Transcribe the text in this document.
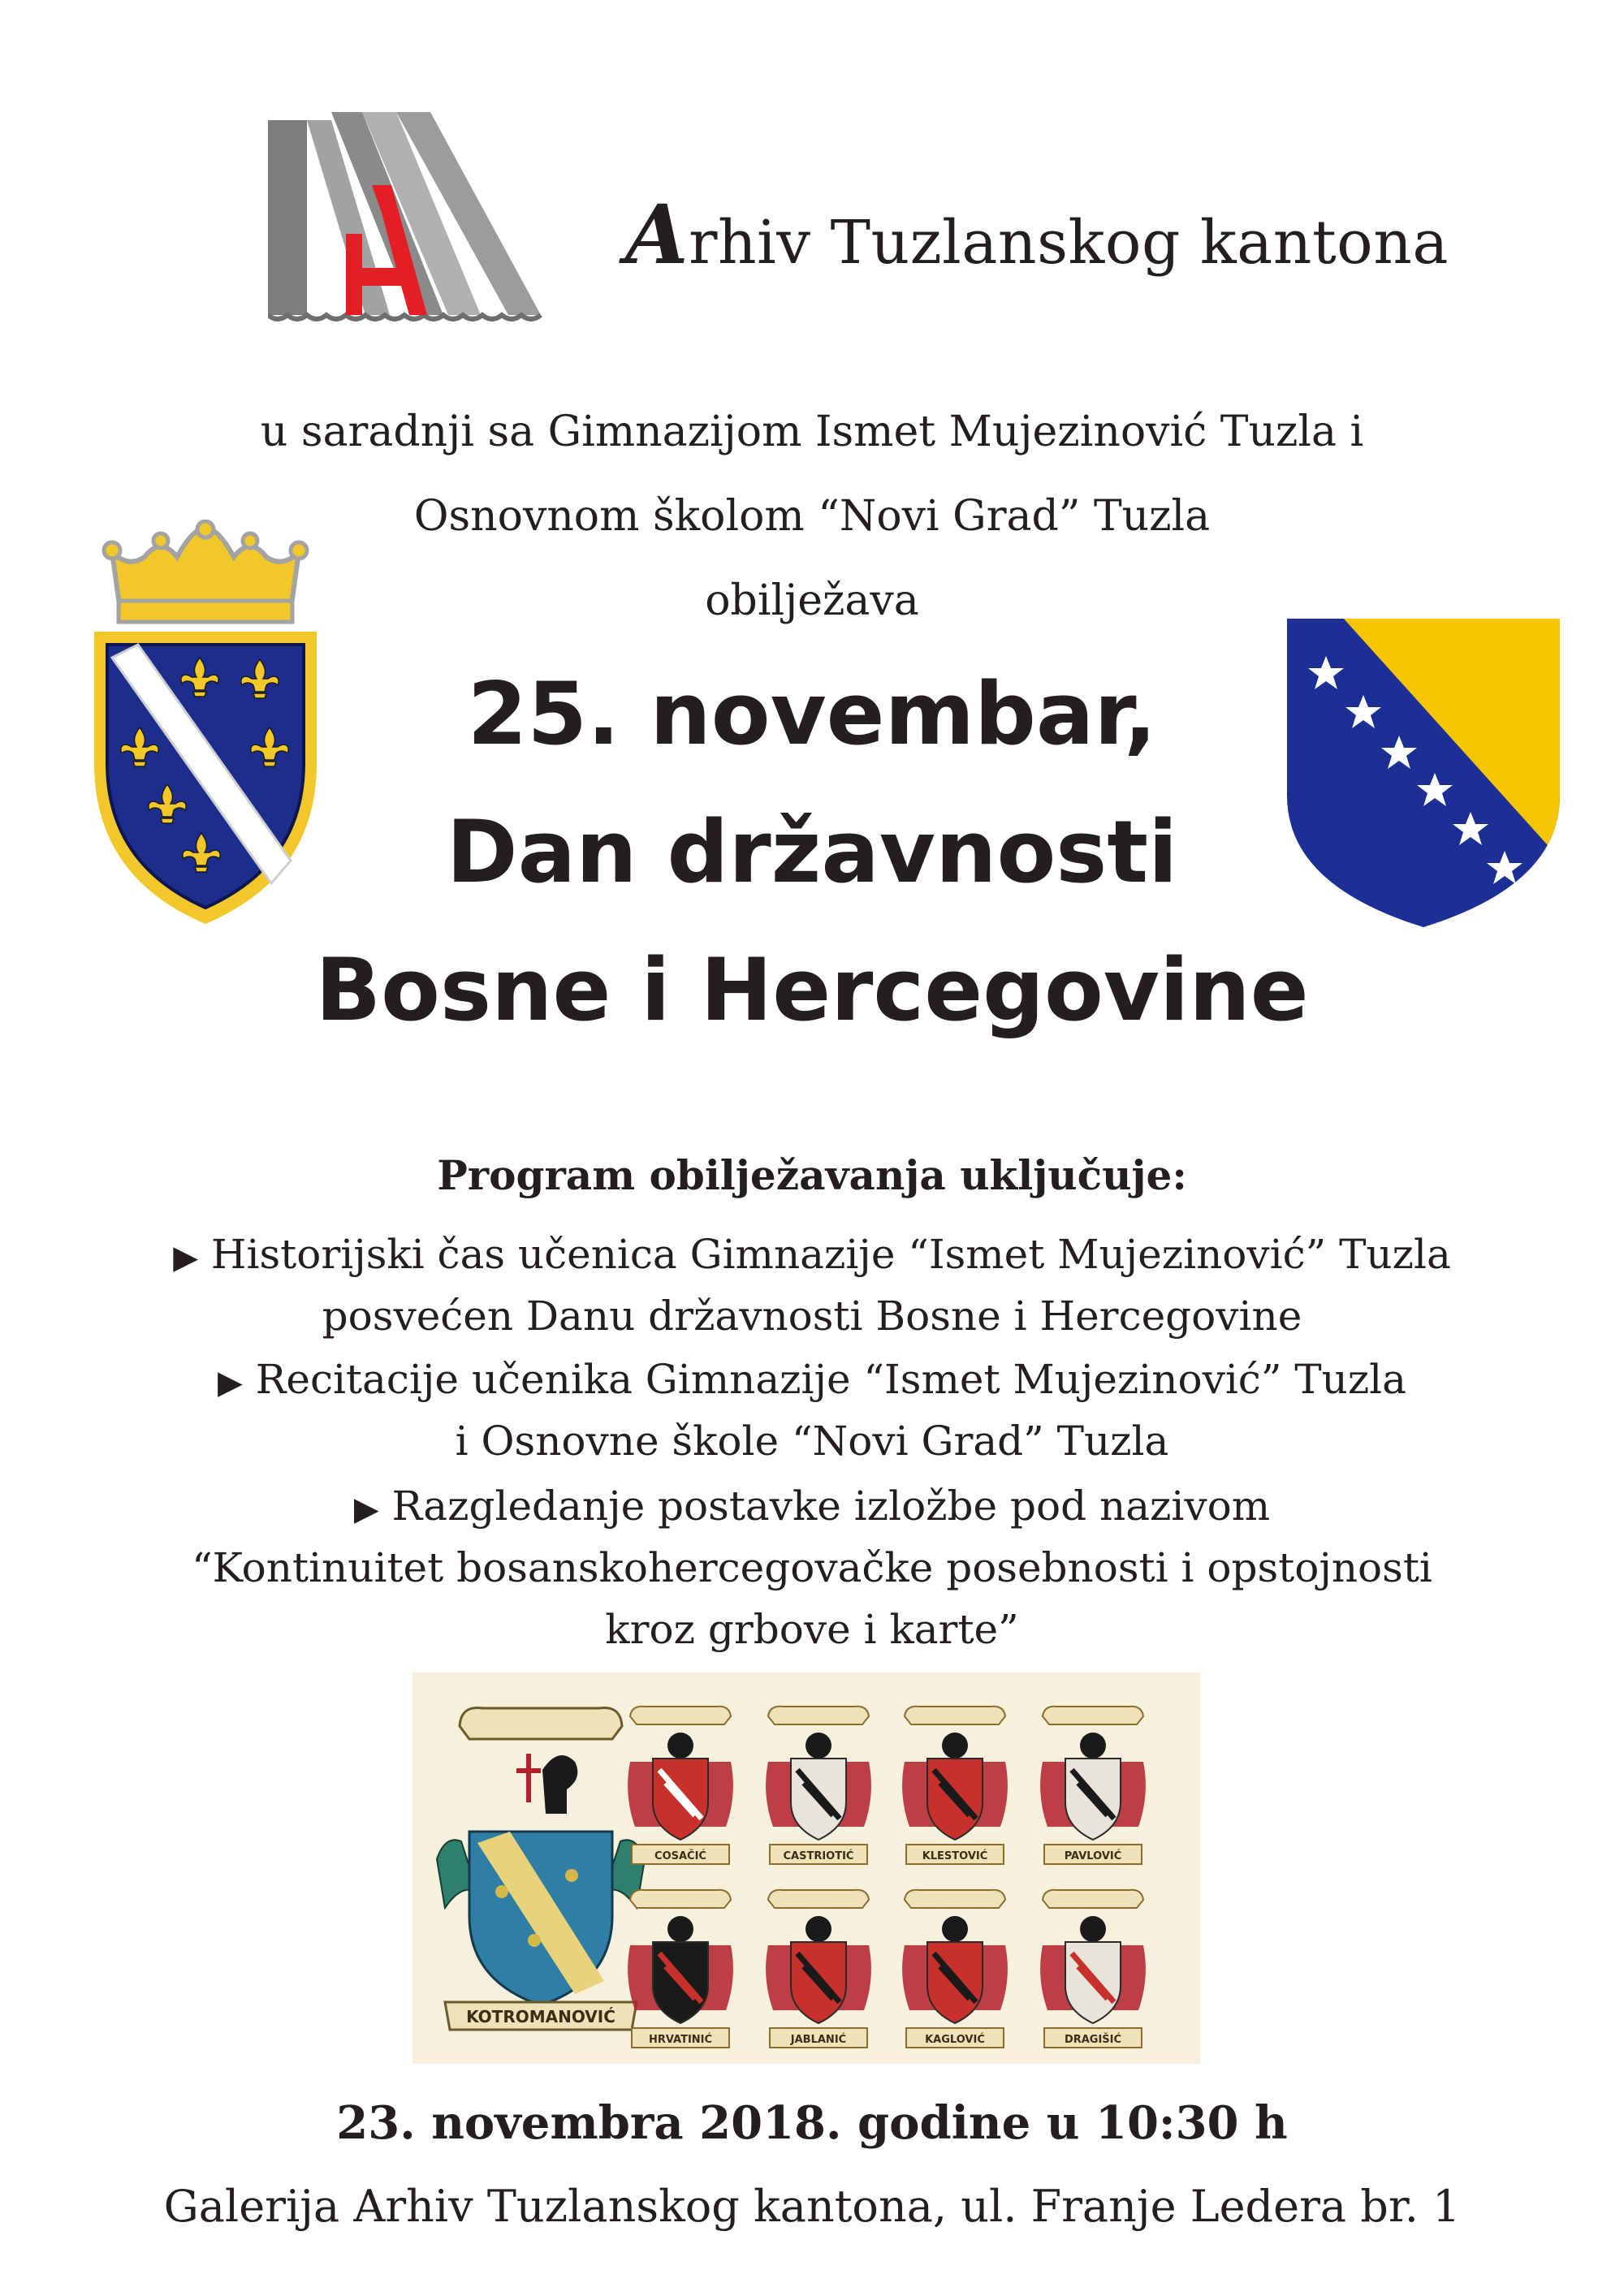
Arhiv Tuzlanskog kantona
u saradnji sa Gimnazijom Ismet Mujezinović Tuzla i
Osnovnom školom “Novi Grad” Tuzla
obilježava
25. novembar,
Dan državnosti
Bosne i Hercegovine
Program obilježavanja uključuje:
▶ Historijski čas učenica Gimnazije “Ismet Mujezinović” Tuzla
posvećen Danu državnosti Bosne i Hercegovine
▶ Recitacije učenika Gimnazije “Ismet Mujezinović” Tuzla
i Osnovne škole “Novi Grad” Tuzla
▶ Razgledanje postavke izložbe pod nazivom
“Kontinuitet bosanskohercegovačke posebnosti i opstojnosti
kroz grbove i karte”
KOTROMANOVIĆ
COSAČIĆ	CASTRIOTIĆ	KLESTOVIĆ	PAVLOVIĆ
HRVATINIĆ	JABLANIĆ	KAGLOVIĆ	DRAGIŠIĆ
23. novembra 2018. godine u 10:30 h
Galerija Arhiv Tuzlanskog kantona, ul. Franje Ledera br. 1
